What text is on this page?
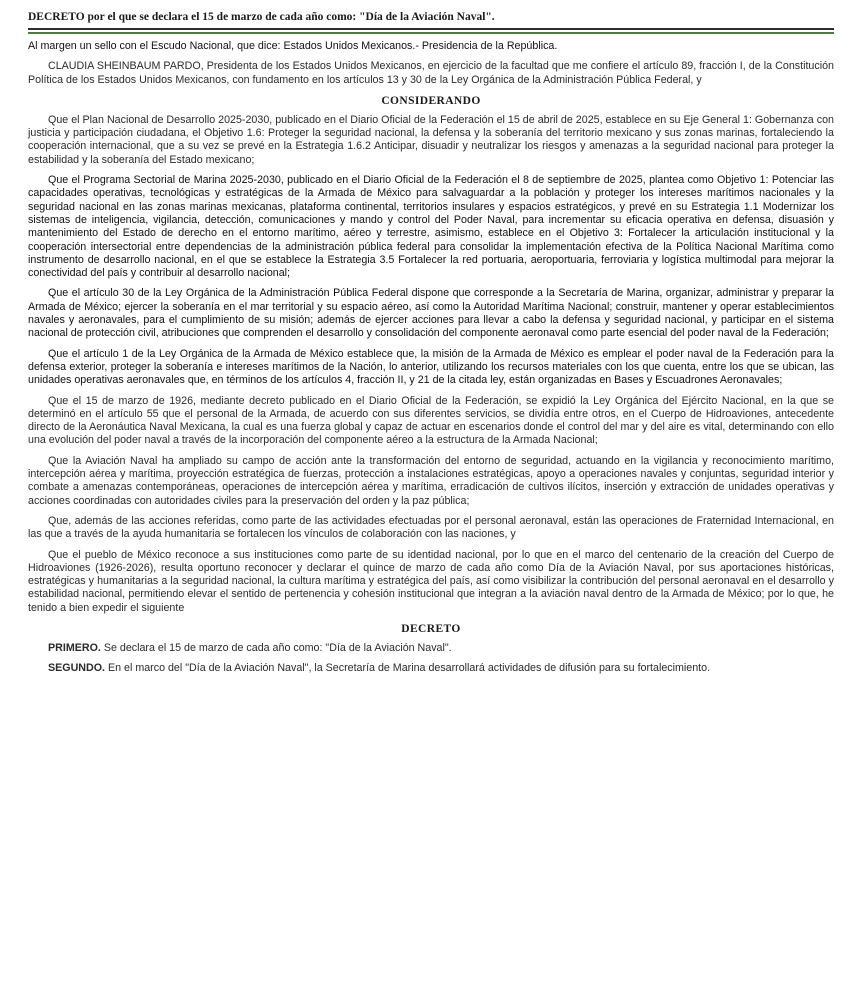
DECRETO por el que se declara el 15 de marzo de cada año como: "Día de la Aviación Naval".

Al margen un sello con el Escudo Nacional, que dice: Estados Unidos Mexicanos.- Presidencia de la República.

CLAUDIA SHEINBAUM PARDO, Presidenta de los Estados Unidos Mexicanos, en ejercicio de la facultad que me confiere el artículo 89, fracción I, de la Constitución Política de los Estados Unidos Mexicanos, con fundamento en los artículos 13 y 30 de la Ley Orgánica de la Administración Pública Federal, y

CONSIDERANDO

Que el Plan Nacional de Desarrollo 2025-2030, publicado en el Diario Oficial de la Federación el 15 de abril de 2025, establece en su Eje General 1: Gobernanza con justicia y participación ciudadana, el Objetivo 1.6: Proteger la seguridad nacional, la defensa y la soberanía del territorio mexicano y sus zonas marinas, fortaleciendo la cooperación internacional, que a su vez se prevé en la Estrategia 1.6.2 Anticipar, disuadir y neutralizar los riesgos y amenazas a la seguridad nacional para proteger la estabilidad y la soberanía del Estado mexicano;

Que el Programa Sectorial de Marina 2025-2030, publicado en el Diario Oficial de la Federación el 8 de septiembre de 2025, plantea como Objetivo 1: Potenciar las capacidades operativas, tecnológicas y estratégicas de la Armada de México para salvaguardar a la población y proteger los intereses marítimos nacionales y la seguridad nacional en las zonas marinas mexicanas, plataforma continental, territorios insulares y espacios estratégicos, y prevé en su Estrategia 1.1 Modernizar los sistemas de inteligencia, vigilancia, detección, comunicaciones y mando y control del Poder Naval, para incrementar su eficacia operativa en defensa, disuasión y mantenimiento del Estado de derecho en el entorno marítimo, aéreo y terrestre, asimismo, establece en el Objetivo 3: Fortalecer la articulación institucional y la cooperación intersectorial entre dependencias de la administración pública federal para consolidar la implementación efectiva de la Política Nacional Marítima como instrumento de desarrollo nacional, en el que se establece la Estrategia 3.5 Fortalecer la red portuaria, aeroportuaria, ferroviaria y logística multimodal para mejorar la conectividad del país y contribuir al desarrollo nacional;

Que el artículo 30 de la Ley Orgánica de la Administración Pública Federal dispone que corresponde a la Secretaría de Marina, organizar, administrar y preparar la Armada de México; ejercer la soberanía en el mar territorial y su espacio aéreo, así como la Autoridad Marítima Nacional; construir, mantener y operar establecimientos navales y aeronavales, para el cumplimiento de su misión; además de ejercer acciones para llevar a cabo la defensa y seguridad nacional, y participar en el sistema nacional de protección civil, atribuciones que comprenden el desarrollo y consolidación del componente aeronaval como parte esencial del poder naval de la Federación;

Que el artículo 1 de la Ley Orgánica de la Armada de México establece que, la misión de la Armada de México es emplear el poder naval de la Federación para la defensa exterior, proteger la soberanía e intereses marítimos de la Nación, lo anterior, utilizando los recursos materiales con los que cuenta, entre los que se ubican, las unidades operativas aeronavales que, en términos de los artículos 4, fracción II, y 21 de la citada ley, están organizadas en Bases y Escuadrones Aeronavales;

Que el 15 de marzo de 1926, mediante decreto publicado en el Diario Oficial de la Federación, se expidió la Ley Orgánica del Ejército Nacional, en la que se determinó en el artículo 55 que el personal de la Armada, de acuerdo con sus diferentes servicios, se dividía entre otros, en el Cuerpo de Hidroaviones, antecedente directo de la Aeronáutica Naval Mexicana, la cual es una fuerza global y capaz de actuar en escenarios donde el control del mar y del aire es vital, determinando con ello una evolución del poder naval a través de la incorporación del componente aéreo a la estructura de la Armada Nacional;

Que la Aviación Naval ha ampliado su campo de acción ante la transformación del entorno de seguridad, actuando en la vigilancia y reconocimiento marítimo, intercepción aérea y marítima, proyección estratégica de fuerzas, protección a instalaciones estratégicas, apoyo a operaciones navales y conjuntas, seguridad interior y combate a amenazas contemporáneas, operaciones de intercepción aérea y marítima, erradicación de cultivos ilícitos, inserción y extracción de unidades operativas y acciones coordinadas con autoridades civiles para la preservación del orden y la paz pública;

Que, además de las acciones referidas, como parte de las actividades efectuadas por el personal aeronaval, están las operaciones de Fraternidad Internacional, en las que a través de la ayuda humanitaria se fortalecen los vínculos de colaboración con las naciones, y

Que el pueblo de México reconoce a sus instituciones como parte de su identidad nacional, por lo que en el marco del centenario de la creación del Cuerpo de Hidroaviones (1926-2026), resulta oportuno reconocer y declarar el quince de marzo de cada año como Día de la Aviación Naval, por sus aportaciones históricas, estratégicas y humanitarias a la seguridad nacional, la cultura marítima y estratégica del país, así como visibilizar la contribución del personal aeronaval en el desarrollo y estabilidad nacional, permitiendo elevar el sentido de pertenencia y cohesión institucional que integran a la aviación naval dentro de la Armada de México; por lo que, he tenido a bien expedir el siguiente

DECRETO

PRIMERO. Se declara el 15 de marzo de cada año como: "Día de la Aviación Naval".

SEGUNDO. En el marco del "Día de la Aviación Naval", la Secretaría de Marina desarrollará actividades de difusión para su fortalecimiento.
